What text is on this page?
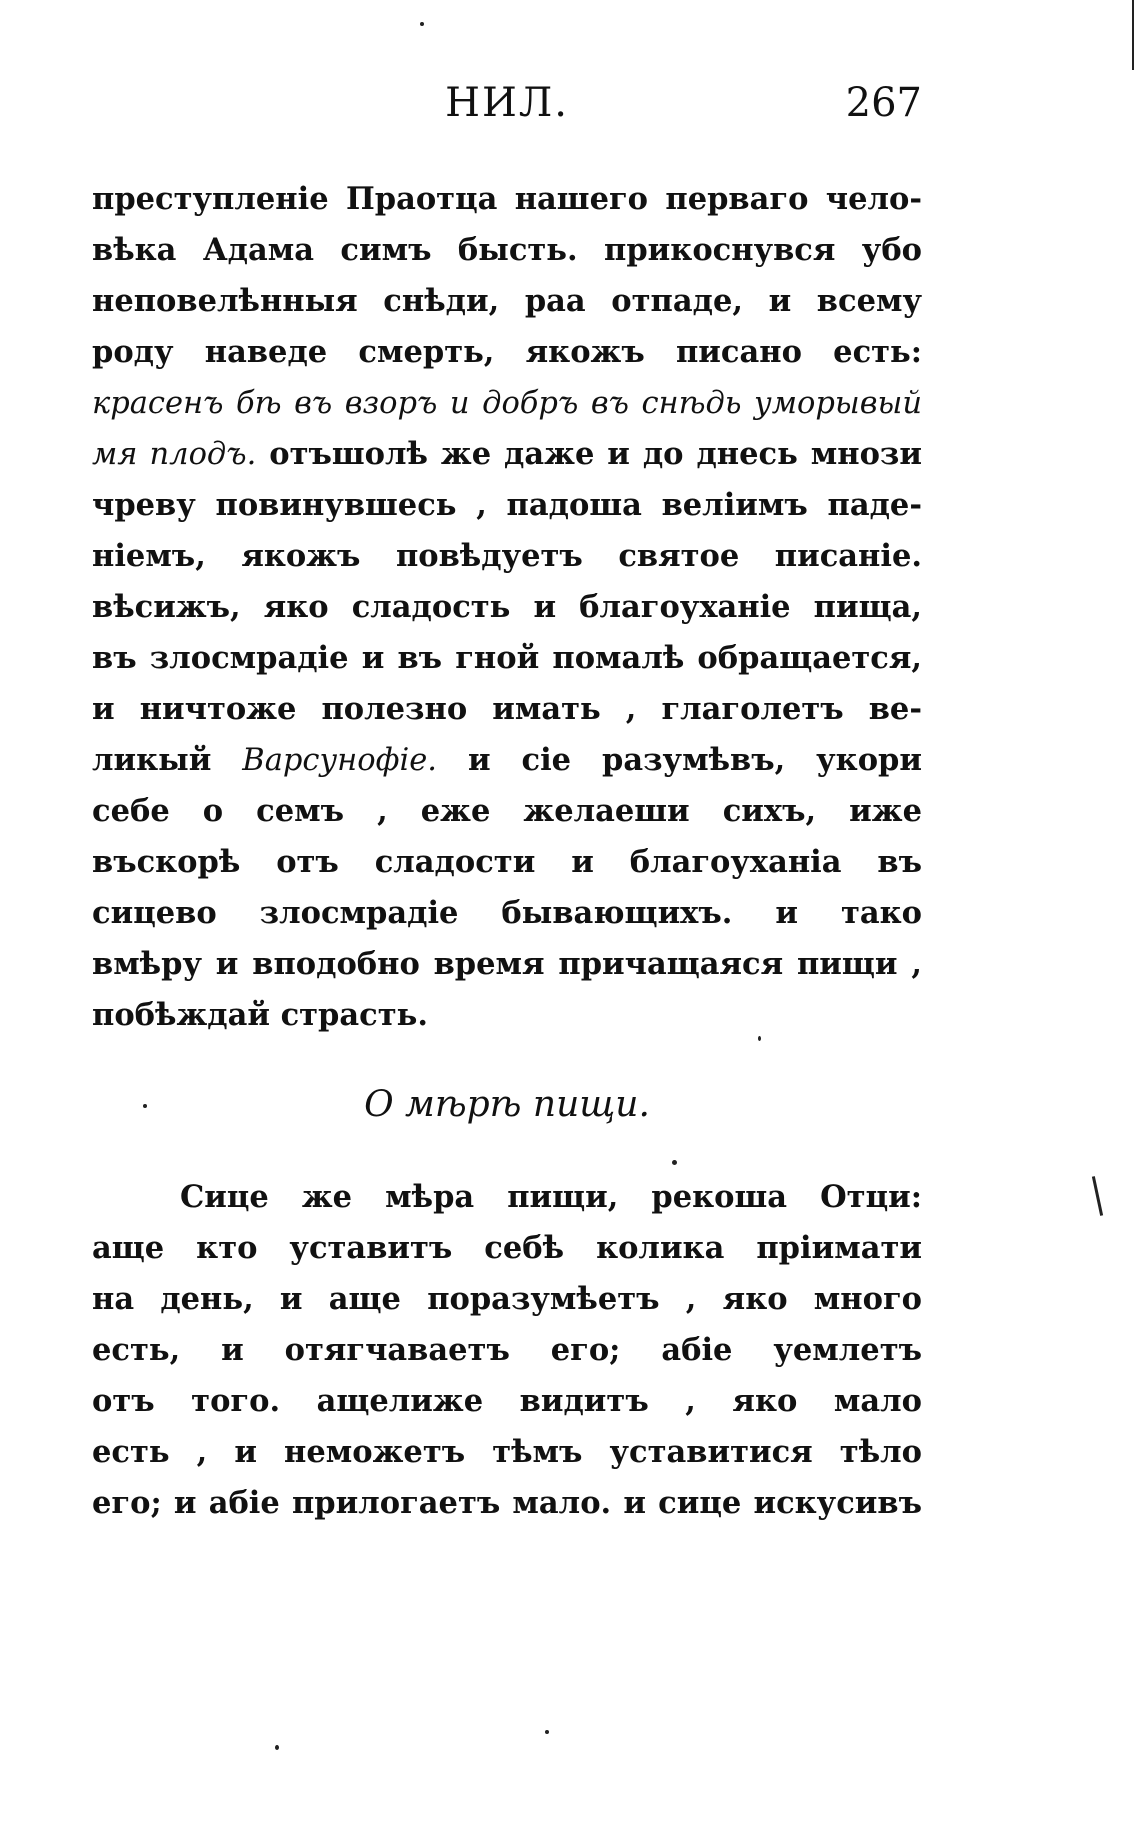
НИЛ.	267
преступленіе Праотца нашего перваго чело-
вѣка Адама симъ бысть. прикоснувся убо
неповелѣнныя снѣди, раа отпаде, и всему
роду наведе смерть, якожъ писано есть:
красенъ бѣ въ взоръ и добръ въ снѣдь уморывый
мя плодъ. отъшолѣ же даже и до днесь мнози
чреву повинувшесь , падоша веліимъ паде-
ніемъ, якожъ повѣдуетъ святое писаніе.
вѣсижъ, яко сладость и благоуханіе пища,
въ злосмрадіе и въ гной помалѣ обращается,
и ничтоже полезно имать , глаголетъ ве-
ликый Варсунофіе. и сіе разумѣвъ, укори
себе о семъ , еже желаеши сихъ, иже
въскорѣ отъ сладости и благоуханіа въ
сицево злосмрадіе бывающихъ. и тако
вмѣру и вподобно время причащаяся пищи ,
побѣждай страсть.
О мѣрѣ пищи.
Сице же мѣра пищи, рекоша Отци:
аще кто уставитъ себѣ колика пріимати
на день, и аще поразумѣетъ , яко много
есть, и отягчаваетъ его; абіе уемлетъ
отъ того. ащелиже видитъ , яко мало
есть , и неможетъ тѣмъ уставитися тѣло
его; и абіе прилогаетъ мало. и сице искусивъ
